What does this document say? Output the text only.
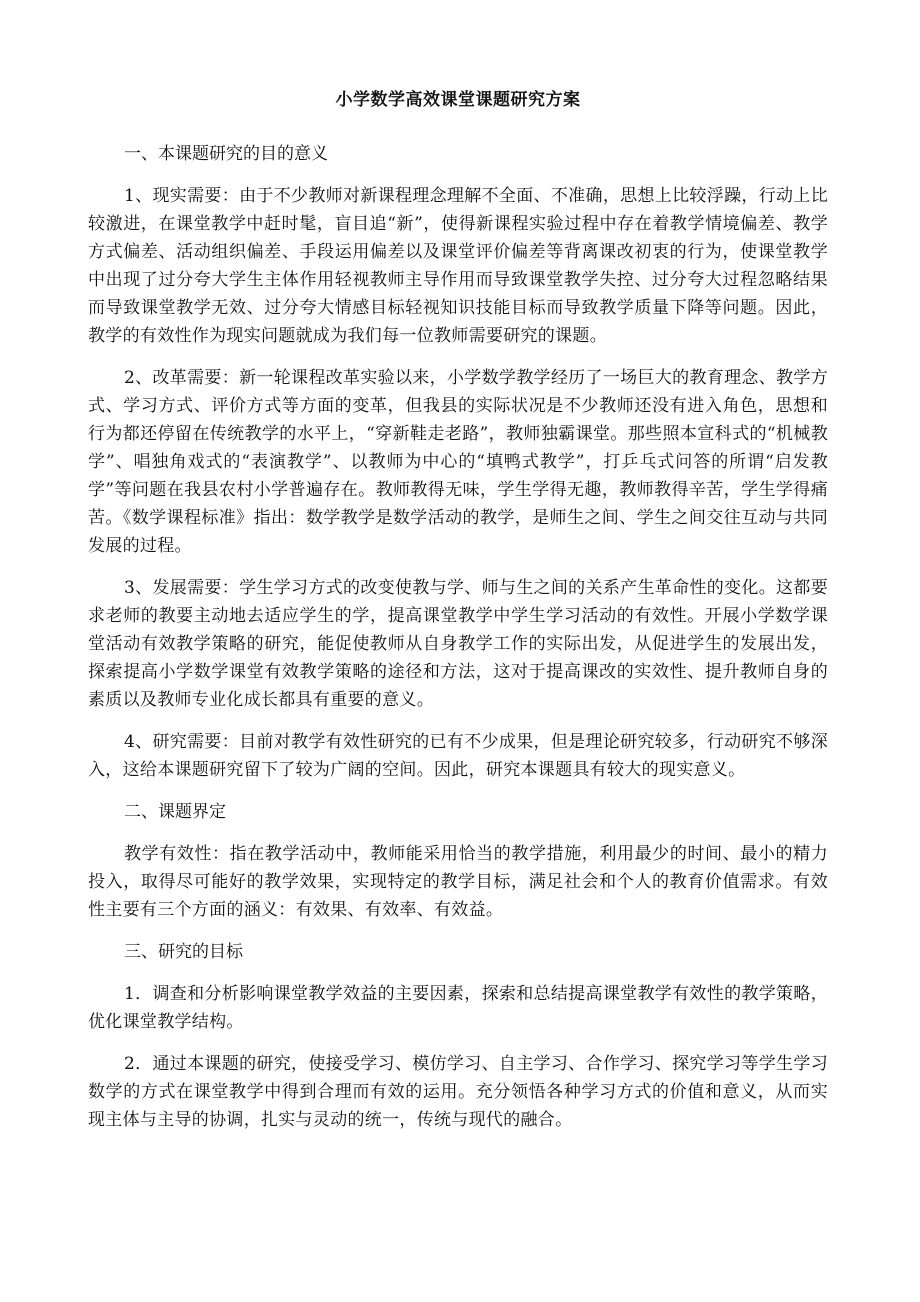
小学数学高效课堂课题研究方案
一、本课题研究的目的意义

1、现实需要：由于不少教师对新课程理念理解不全面、不准确，思想上比较浮躁，行动上比较激进，在课堂教学中赶时髦，盲目追“新”，使得新课程实验过程中存在着教学情境偏差、教学方式偏差、活动组织偏差、手段运用偏差以及课堂评价偏差等背离课改初衷的行为，使课堂教学中出现了过分夸大学生主体作用轻视教师主导作用而导致课堂教学失控、过分夸大过程忽略结果而导致课堂教学无效、过分夸大情感目标轻视知识技能目标而导致教学质量下降等问题。因此，教学的有效性作为现实问题就成为我们每一位教师需要研究的课题。

2、改革需要：新一轮课程改革实验以来，小学数学教学经历了一场巨大的教育理念、教学方式、学习方式、评价方式等方面的变革，但我县的实际状况是不少教师还没有进入角色，思想和行为都还停留在传统教学的水平上，“穿新鞋走老路”，教师独霸课堂。那些照本宣科式的“机械教学”、唱独角戏式的“表演教学”、以教师为中心的“填鸭式教学”，打乒乓式问答的所谓“启发教学”等问题在我县农村小学普遍存在。教师教得无味，学生学得无趣，教师教得辛苦，学生学得痛苦。《数学课程标准》指出：数学教学是数学活动的教学，是师生之间、学生之间交往互动与共同发展的过程。

3、发展需要：学生学习方式的改变使教与学、师与生之间的关系产生革命性的变化。这都要求老师的教要主动地去适应学生的学，提高课堂教学中学生学习活动的有效性。开展小学数学课堂活动有效教学策略的研究，能促使教师从自身教学工作的实际出发，从促进学生的发展出发，探索提高小学数学课堂有效教学策略的途径和方法，这对于提高课改的实效性、提升教师自身的素质以及教师专业化成长都具有重要的意义。

4、研究需要：目前对教学有效性研究的已有不少成果，但是理论研究较多，行动研究不够深入，这给本课题研究留下了较为广阔的空间。因此，研究本课题具有较大的现实意义。

二、课题界定

教学有效性：指在教学活动中，教师能采用恰当的教学措施，利用最少的时间、最小的精力投入，取得尽可能好的教学效果，实现特定的教学目标，满足社会和个人的教育价值需求。有效性主要有三个方面的涵义：有效果、有效率、有效益。

三、研究的目标

1．调查和分析影响课堂教学效益的主要因素，探索和总结提高课堂教学有效性的教学策略，优化课堂教学结构。

2．通过本课题的研究，使接受学习、模仿学习、自主学习、合作学习、探究学习等学生学习数学的方式在课堂教学中得到合理而有效的运用。充分领悟各种学习方式的价值和意义，从而实现主体与主导的协调，扎实与灵动的统一，传统与现代的融合。
